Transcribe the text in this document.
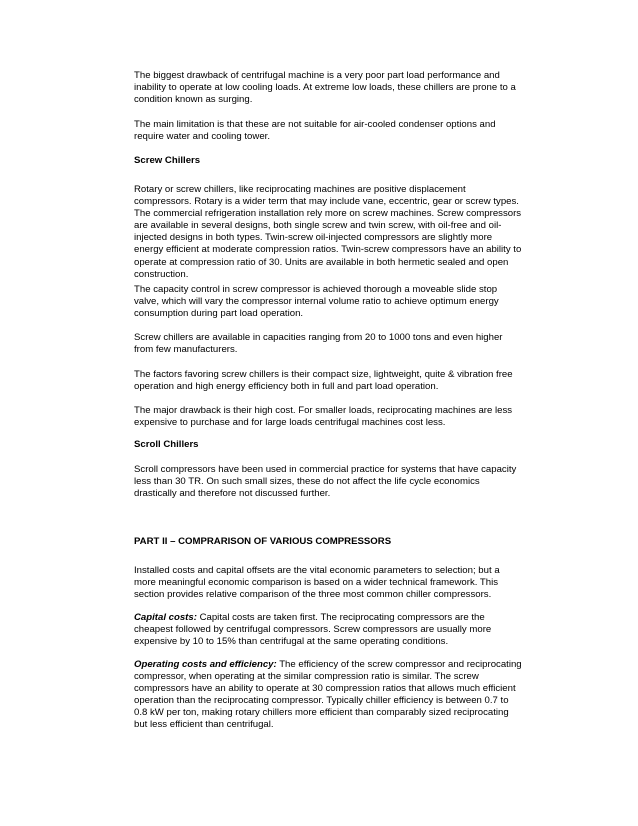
The biggest drawback of centrifugal machine is a very poor part load performance and inability to operate at low cooling loads. At extreme low loads, these chillers are prone to a condition known as surging.

The main limitation is that these are not suitable for air-cooled condenser options and require water and cooling tower.

Screw Chillers

Rotary or screw chillers, like reciprocating machines are positive displacement compressors. Rotary is a wider term that may include vane, eccentric, gear or screw types. The commercial refrigeration installation rely more on screw machines. Screw compressors are available in several designs, both single screw and twin screw, with oil-free and oil-injected designs in both types. Twin-screw oil-injected compressors are slightly more energy efficient at moderate compression ratios. Twin-screw compressors have an ability to operate at compression ratio of 30. Units are available in both hermetic sealed and open construction.

The capacity control in screw compressor is achieved thorough a moveable slide stop valve, which will vary the compressor internal volume ratio to achieve optimum energy consumption during part load operation.

Screw chillers are available in capacities ranging from 20 to 1000 tons and even higher from few manufacturers.

The factors favoring screw chillers is their compact size, lightweight, quite & vibration free operation and high energy efficiency both in full and part load operation.

The major drawback is their high cost. For smaller loads, reciprocating machines are less expensive to purchase and for large loads centrifugal machines cost less.

Scroll Chillers

Scroll compressors have been used in commercial practice for systems that have capacity less than 30 TR. On such small sizes, these do not affect the life cycle economics drastically and therefore not discussed further.

PART II – COMPRARISON OF VARIOUS COMPRESSORS

Installed costs and capital offsets are the vital economic parameters to selection; but a more meaningful economic comparison is based on a wider technical framework. This section provides relative comparison of the three most common chiller compressors.

Capital costs: Capital costs are taken first. The reciprocating compressors are the cheapest followed by centrifugal compressors. Screw compressors are usually more expensive by 10 to 15% than centrifugal at the same operating conditions.

Operating costs and efficiency: The efficiency of the screw compressor and reciprocating compressor, when operating at the similar compression ratio is similar. The screw compressors have an ability to operate at 30 compression ratios that allows much efficient operation than the reciprocating compressor. Typically chiller efficiency is between 0.7 to 0.8 kW per ton, making rotary chillers more efficient than comparably sized reciprocating but less efficient than centrifugal.
